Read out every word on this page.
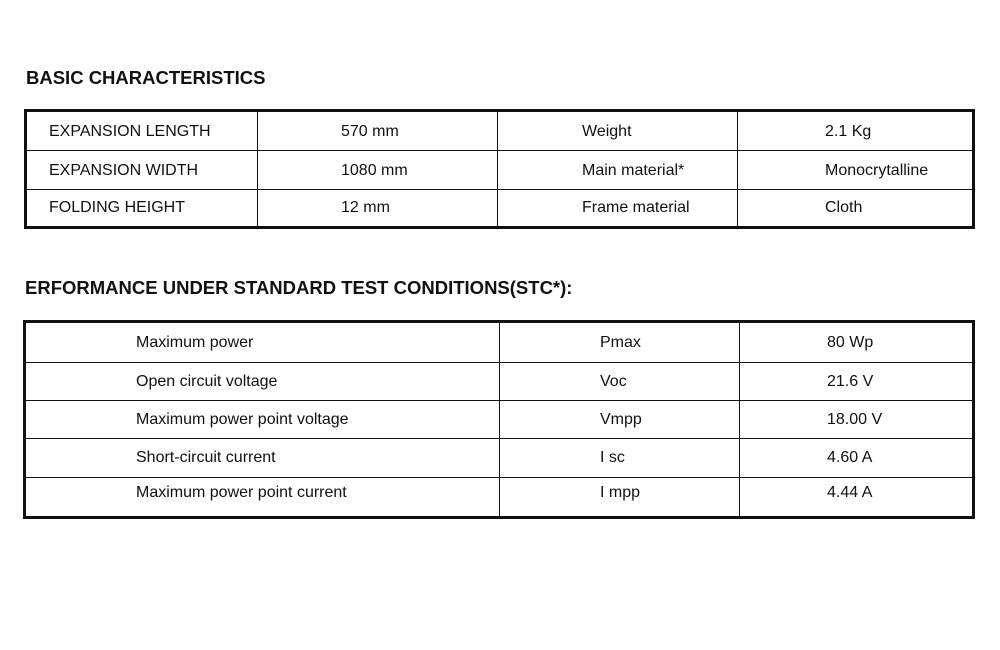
BASIC CHARACTERISTICS
EXPANSION LENGTH	570 mm	Weight	2.1 Kg
EXPANSION WIDTH	1080 mm	Main material*	Monocrytalline
FOLDING HEIGHT	12 mm	Frame material	Cloth
ERFORMANCE UNDER STANDARD TEST CONDITIONS(STC*):
Maximum power	Pmax	80 Wp
Open circuit voltage	Voc	21.6 V
Maximum power point voltage	Vmpp	18.00 V
Short-circuit current	I sc	4.60 A
Maximum power point current	I mpp	4.44 A
